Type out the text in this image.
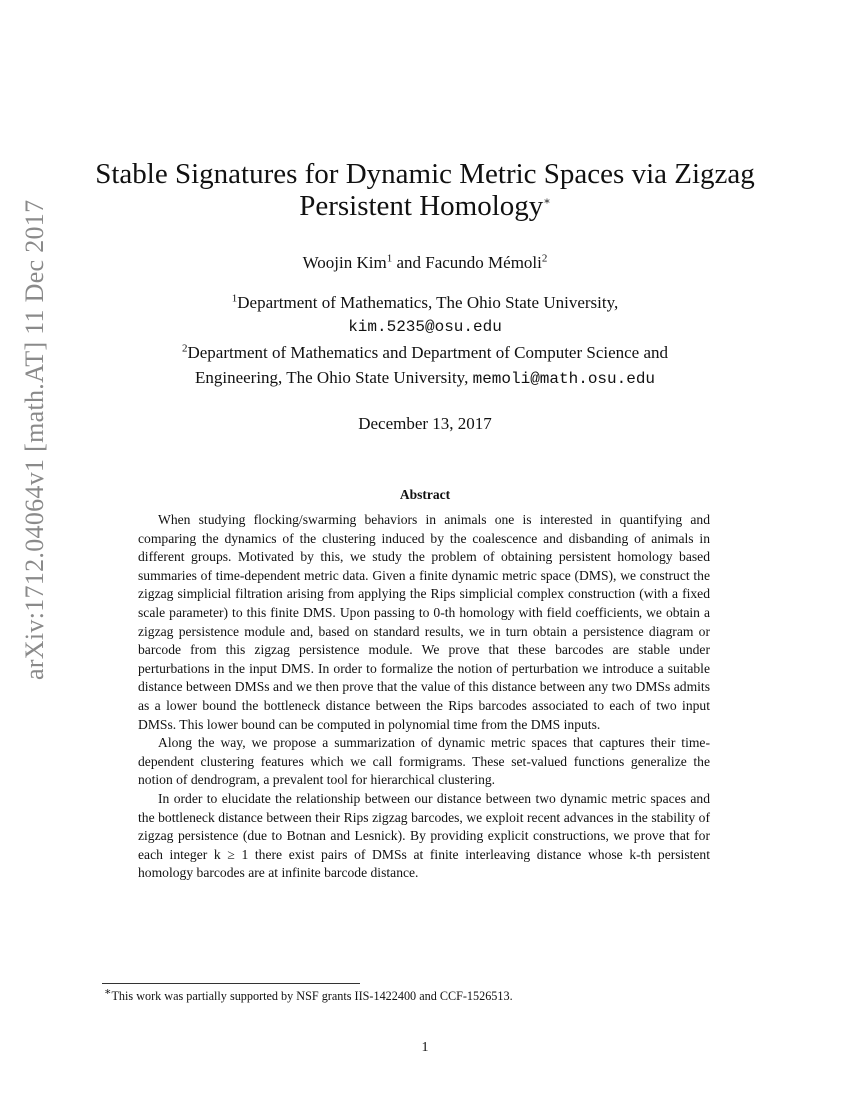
arXiv:1712.04064v1 [math.AT] 11 Dec 2017
Stable Signatures for Dynamic Metric Spaces via Zigzag
Persistent Homology∗
Woojin Kim$^1$ and Facundo Mémoli$^2$
$^1$Department of Mathematics, The Ohio State University,
kim.5235@osu.edu
$^2$Department of Mathematics and Department of Computer Science and
Engineering, The Ohio State University, memoli@math.osu.edu
December 13, 2017
Abstract

When studying flocking/swarming behaviors in animals one is interested in quantifying and comparing the dynamics of the clustering induced by the coalescence and disbanding of animals in different groups. Motivated by this, we study the problem of obtaining persistent homology based summaries of time-dependent metric data. Given a finite dynamic metric space (DMS), we construct the zigzag simplicial filtration arising from applying the Rips simplicial complex construction (with a fixed scale parameter) to this finite DMS. Upon passing to 0-th homology with field coefficients, we obtain a zigzag persistence module and, based on standard results, we in turn obtain a persistence diagram or barcode from this zigzag persistence module. We prove that these barcodes are stable under perturbations in the input DMS. In order to formalize the notion of perturbation we introduce a suitable distance between DMSs and we then prove that the value of this distance between any two DMSs admits as a lower bound the bottleneck distance between the Rips barcodes associated to each of two input DMSs. This lower bound can be computed in polynomial time from the DMS inputs.

Along the way, we propose a summarization of dynamic metric spaces that captures their time-dependent clustering features which we call formigrams. These set-valued functions generalize the notion of dendrogram, a prevalent tool for hierarchical clustering.

In order to elucidate the relationship between our distance between two dynamic metric spaces and the bottleneck distance between their Rips zigzag barcodes, we exploit recent advances in the stability of zigzag persistence (due to Botnan and Lesnick). By providing explicit constructions, we prove that for each integer k ≥ 1 there exist pairs of DMSs at finite interleaving distance whose k-th persistent homology barcodes are at infinite barcode distance.

∗This work was partially supported by NSF grants IIS-1422400 and CCF-1526513.
1
